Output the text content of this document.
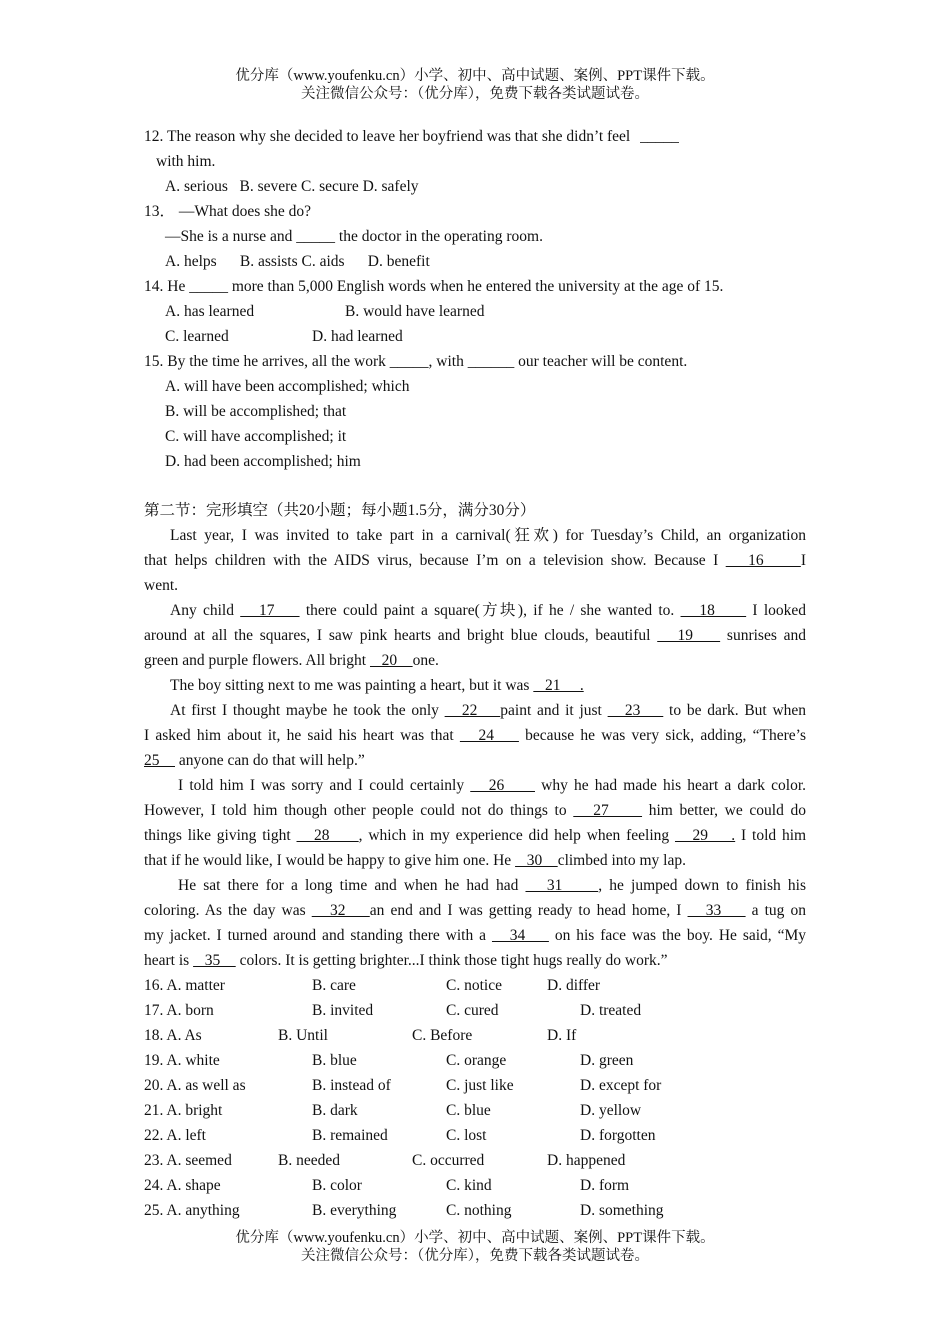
优分库（www.youfenku.cn）小学、初中、高中试题、案例、PPT课件下载。
关注微信公众号：（优分库），免费下载各类试题试卷。
12. The reason why she decided to leave her boyfriend was that she didn’t feel _____
with him.
A. serious   B. severe C. secure D. safely
13． —What does she do?
—She is a nurse and _____ the doctor in the operating room.
A. helps      B. assists C. aids      D. benefit
14. He _____ more than 5,000 English words when he entered the university at the age of 15.
A. has learned	B. would have learned
C. learned	D. had learned
15. By the time he arrives, all the work _____, with ______ our teacher will be content.
A. will have been accomplished; which
B. will be accomplished; that
C. will have accomplished; it
D. had been accomplished; him
第二节：完形填空（共20小题；每小题1.5分，满分30分）
Last year, I was invited to take part in a carnival(狂欢) for Tuesday’s Child, an organization
that helps children with the AIDS virus, because I’m on a television show. Because I    16     I
went.
Any child    17     there could paint a square(方块), if he / she wanted to.    18      I looked
around at all the squares, I saw pink hearts and bright blue clouds, beautiful    19     sunrises and
green and purple flowers. All bright    20    one.
The boy sitting next to me was painting a heart, but it was    21     .
At first I thought maybe he took the only    22    paint and it just    23     to be dark. But when
I asked him about it, he said his heart was that    24     because he was very sick, adding, “There’s
25     anyone can do that will help.”
I told him I was sorry and I could certainly    26      why he had made his heart a dark color.
However, I told him though other people could not do things to    27      him better, we could do
things like giving tight    28     , which in my experience did help when feeling    29    . I told him
that if he would like, I would be happy to give him one. He    30    climbed into my lap.
He sat there for a long time and when he had had    31     , he jumped down to finish his
coloring. As the day was    32    an end and I was getting ready to head home, I    33     a tug on
my jacket. I turned around and standing there with a    34     on his face was the boy. He said, “My
heart is    35     colors. It is getting brighter...I think those tight hugs really do work.”
16. A. matter	B. care	C. notice	D. differ
17. A. born	B. invited	C. cured	D. treated
18. A. As	B. Until	C. Before	D. If
19. A. white	B. blue	C. orange	D. green
20. A. as well as	B. instead of	C. just like	D. except for
21. A. bright	B. dark	C. blue	D. yellow
22. A. left	B. remained	C. lost	D. forgotten
23. A. seemed	B. needed	C. occurred	D. happened
24. A. shape	B. color	C. kind	D. form
25. A. anything	B. everything	C. nothing	D. something
优分库（www.youfenku.cn）小学、初中、高中试题、案例、PPT课件下载。
关注微信公众号：（优分库），免费下载各类试题试卷。
